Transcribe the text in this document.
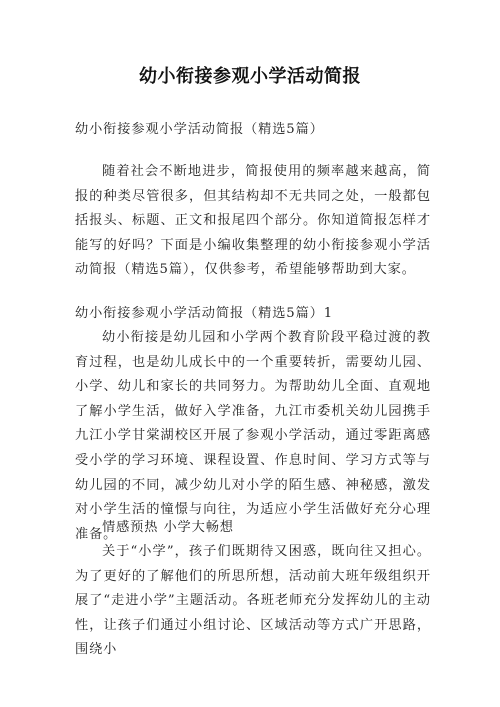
幼小衔接参观小学活动简报

幼小衔接参观小学活动简报（精选5篇）

随着社会不断地进步，简报使用的频率越来越高，简报的种类尽管很多，但其结构却不无共同之处，一般都包括报头、标题、正文和报尾四个部分。你知道简报怎样才能写的好吗？下面是小编收集整理的幼小衔接参观小学活动简报（精选5篇），仅供参考，希望能够帮助到大家。

幼小衔接参观小学活动简报（精选5篇）1

幼小衔接是幼儿园和小学两个教育阶段平稳过渡的教育过程，也是幼儿成长中的一个重要转折，需要幼儿园、小学、幼儿和家长的共同努力。为帮助幼儿全面、直观地了解小学生活，做好入学准备，九江市委机关幼儿园携手九江小学甘棠湖校区开展了参观小学活动，通过零距离感受小学的学习环境、课程设置、作息时间、学习方式等与幼儿园的不同，减少幼儿对小学的陌生感、神秘感，激发对小学生活的憧憬与向往，为适应小学生活做好充分心理准备。

情感预热 小学大畅想

关于“小学”，孩子们既期待又困惑，既向往又担心。为了更好的了解他们的所思所想，活动前大班年级组织开展了“走进小学”主题活动。各班老师充分发挥幼儿的主动性，让孩子们通过小组讨论、区域活动等方式广开思路，围绕小
